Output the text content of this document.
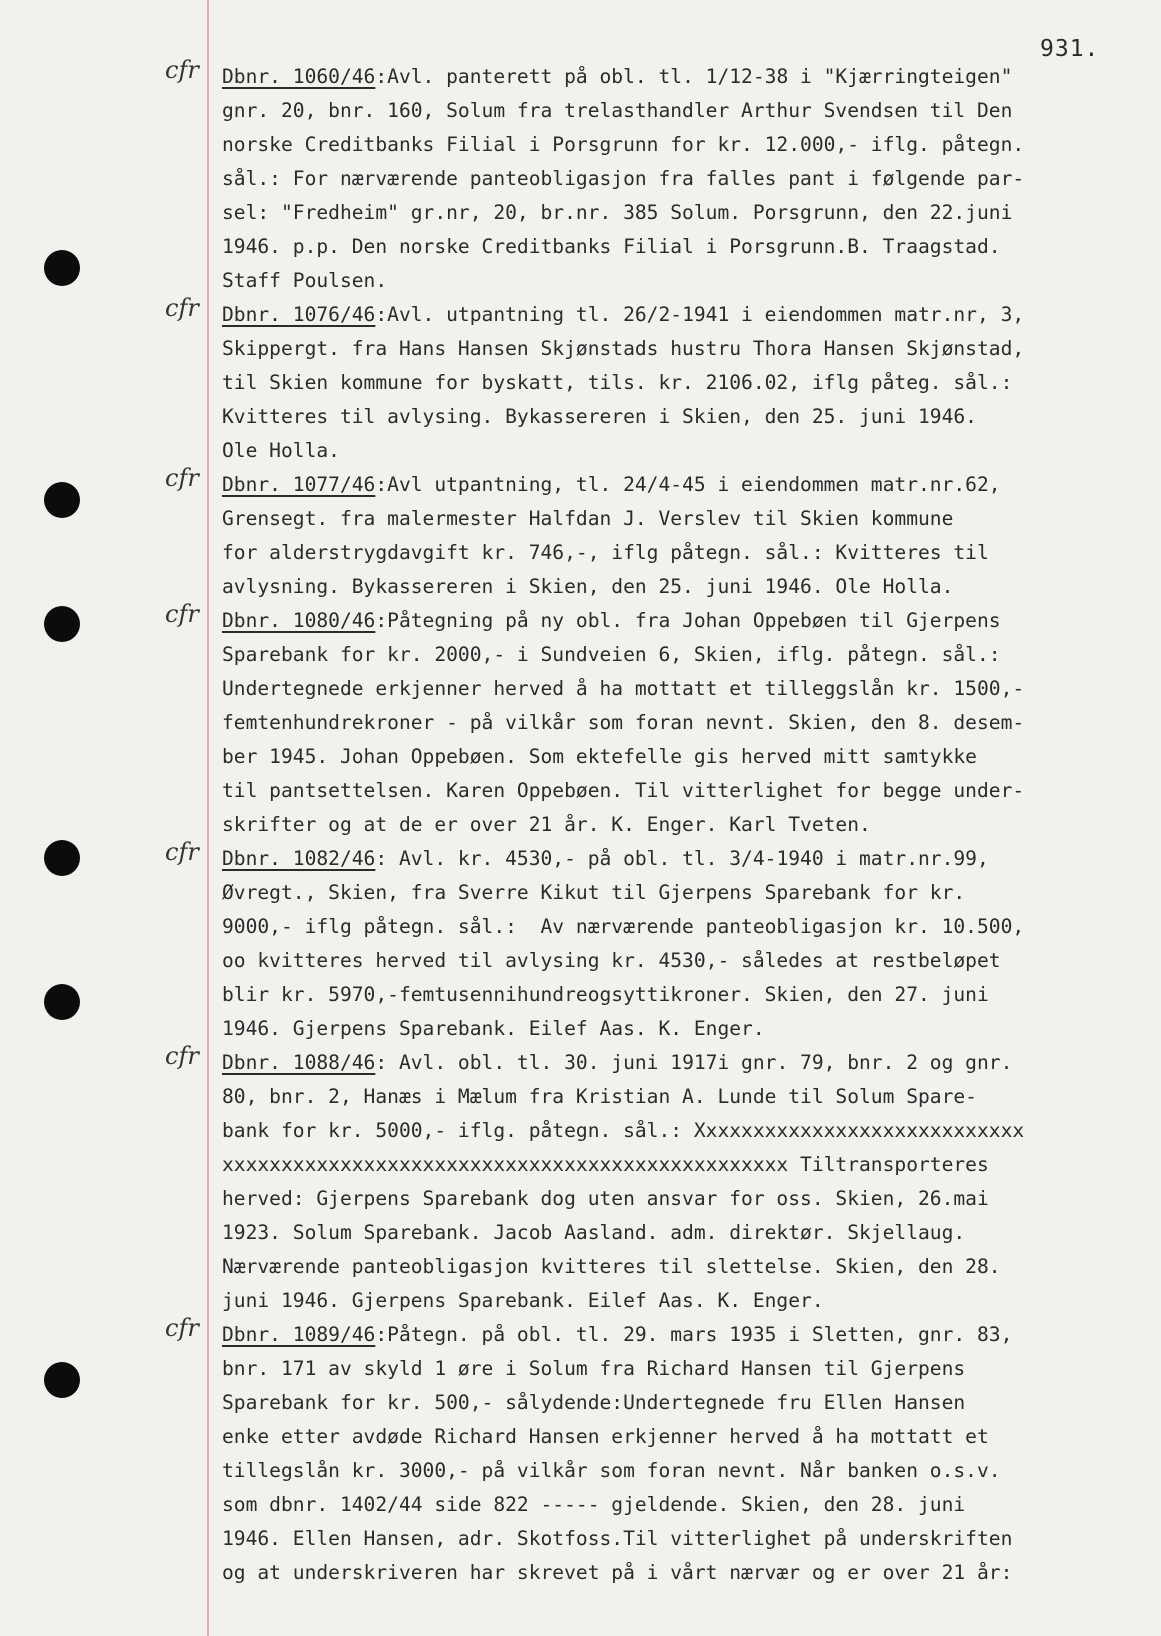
931.
cfr
cfr
cfr
cfr
cfr
cfr
cfr
Dbnr. 1060/46:Avl. panterett på obl. tl. 1/12-38 i "Kjærringteigen"
gnr. 20, bnr. 160, Solum fra trelasthandler Arthur Svendsen til Den
norske Creditbanks Filial i Porsgrunn for kr. 12.000,- iflg. påtegn.
sål.: For nærværende panteobligasjon fra falles pant i følgende par-
sel: "Fredheim" gr.nr, 20, br.nr. 385 Solum. Porsgrunn, den 22.juni
1946. p.p. Den norske Creditbanks Filial i Porsgrunn.B. Traagstad.
Staff Poulsen.
Dbnr. 1076/46:Avl. utpantning tl. 26/2-1941 i eiendommen matr.nr, 3,
Skippergt. fra Hans Hansen Skjønstads hustru Thora Hansen Skjønstad,
til Skien kommune for byskatt, tils. kr. 2106.02, iflg påteg. sål.:
Kvitteres til avlysing. Bykassereren i Skien, den 25. juni 1946.
Ole Holla.
Dbnr. 1077/46:Avl utpantning, tl. 24/4-45 i eiendommen matr.nr.62,
Grensegt. fra malermester Halfdan J. Verslev til Skien kommune
for alderstrygdavgift kr. 746,-, iflg påtegn. sål.: Kvitteres til
avlysning. Bykassereren i Skien, den 25. juni 1946. Ole Holla.
Dbnr. 1080/46:Påtegning på ny obl. fra Johan Oppebøen til Gjerpens
Sparebank for kr. 2000,- i Sundveien 6, Skien, iflg. påtegn. sål.:
Undertegnede erkjenner herved å ha mottatt et tilleggslån kr. 1500,-
femtenhundrekroner - på vilkår som foran nevnt. Skien, den 8. desem-
ber 1945. Johan Oppebøen. Som ektefelle gis herved mitt samtykke
til pantsettelsen. Karen Oppebøen. Til vitterlighet for begge under-
skrifter og at de er over 21 år. K. Enger. Karl Tveten.
Dbnr. 1082/46: Avl. kr. 4530,- på obl. tl. 3/4-1940 i matr.nr.99,
Øvregt., Skien, fra Sverre Kikut til Gjerpens Sparebank for kr.
9000,- iflg påtegn. sål.:  Av nærværende panteobligasjon kr. 10.500,
oo kvitteres herved til avlysing kr. 4530,- således at restbeløpet
blir kr. 5970,-femtusennihundreogsyttikroner. Skien, den 27. juni
1946. Gjerpens Sparebank. Eilef Aas. K. Enger.
Dbnr. 1088/46: Avl. obl. tl. 30. juni 1917i gnr. 79, bnr. 2 og gnr.
80, bnr. 2, Hanæs i Mælum fra Kristian A. Lunde til Solum Spare-
bank for kr. 5000,- iflg. påtegn. sål.: Xxxxxxxxxxxxxxxxxxxxxxxxxxxx
xxxxxxxxxxxxxxxxxxxxxxxxxxxxxxxxxxxxxxxxxxxxxxxx Tiltransporteres
herved: Gjerpens Sparebank dog uten ansvar for oss. Skien, 26.mai
1923. Solum Sparebank. Jacob Aasland. adm. direktør. Skjellaug.
Nærværende panteobligasjon kvitteres til slettelse. Skien, den 28.
juni 1946. Gjerpens Sparebank. Eilef Aas. K. Enger.
Dbnr. 1089/46:Påtegn. på obl. tl. 29. mars 1935 i Sletten, gnr. 83,
bnr. 171 av skyld 1 øre i Solum fra Richard Hansen til Gjerpens
Sparebank for kr. 500,- sålydende:Undertegnede fru Ellen Hansen
enke etter avdøde Richard Hansen erkjenner herved å ha mottatt et
tillegslån kr. 3000,- på vilkår som foran nevnt. Når banken o.s.v.
som dbnr. 1402/44 side 822 ----- gjeldende. Skien, den 28. juni
1946. Ellen Hansen, adr. Skotfoss.Til vitterlighet på underskriften
og at underskriveren har skrevet på i vårt nærvær og er over 21 år:
